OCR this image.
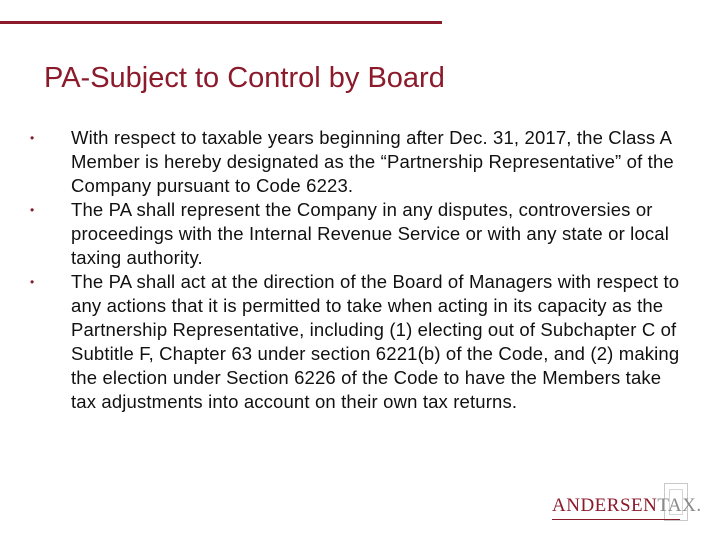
PA-Subject to Control by Board
• With respect to taxable years beginning after Dec. 31, 2017, the Class A Member is hereby designated as the “Partnership Representative” of the Company pursuant to Code 6223.
• The PA shall represent the Company in any disputes, controversies or proceedings with the Internal Revenue Service or with any state or local taxing authority.
• The PA shall act at the direction of the Board of Managers with respect to any actions that it is permitted to take when acting in its capacity as the Partnership Representative, including (1) electing out of Subchapter C of Subtitle F, Chapter 63 under section 6221(b) of the Code, and (2) making the election under Section 6226 of the Code to have the Members take tax adjustments into account on their own tax returns.
ANDERSENTAX.
